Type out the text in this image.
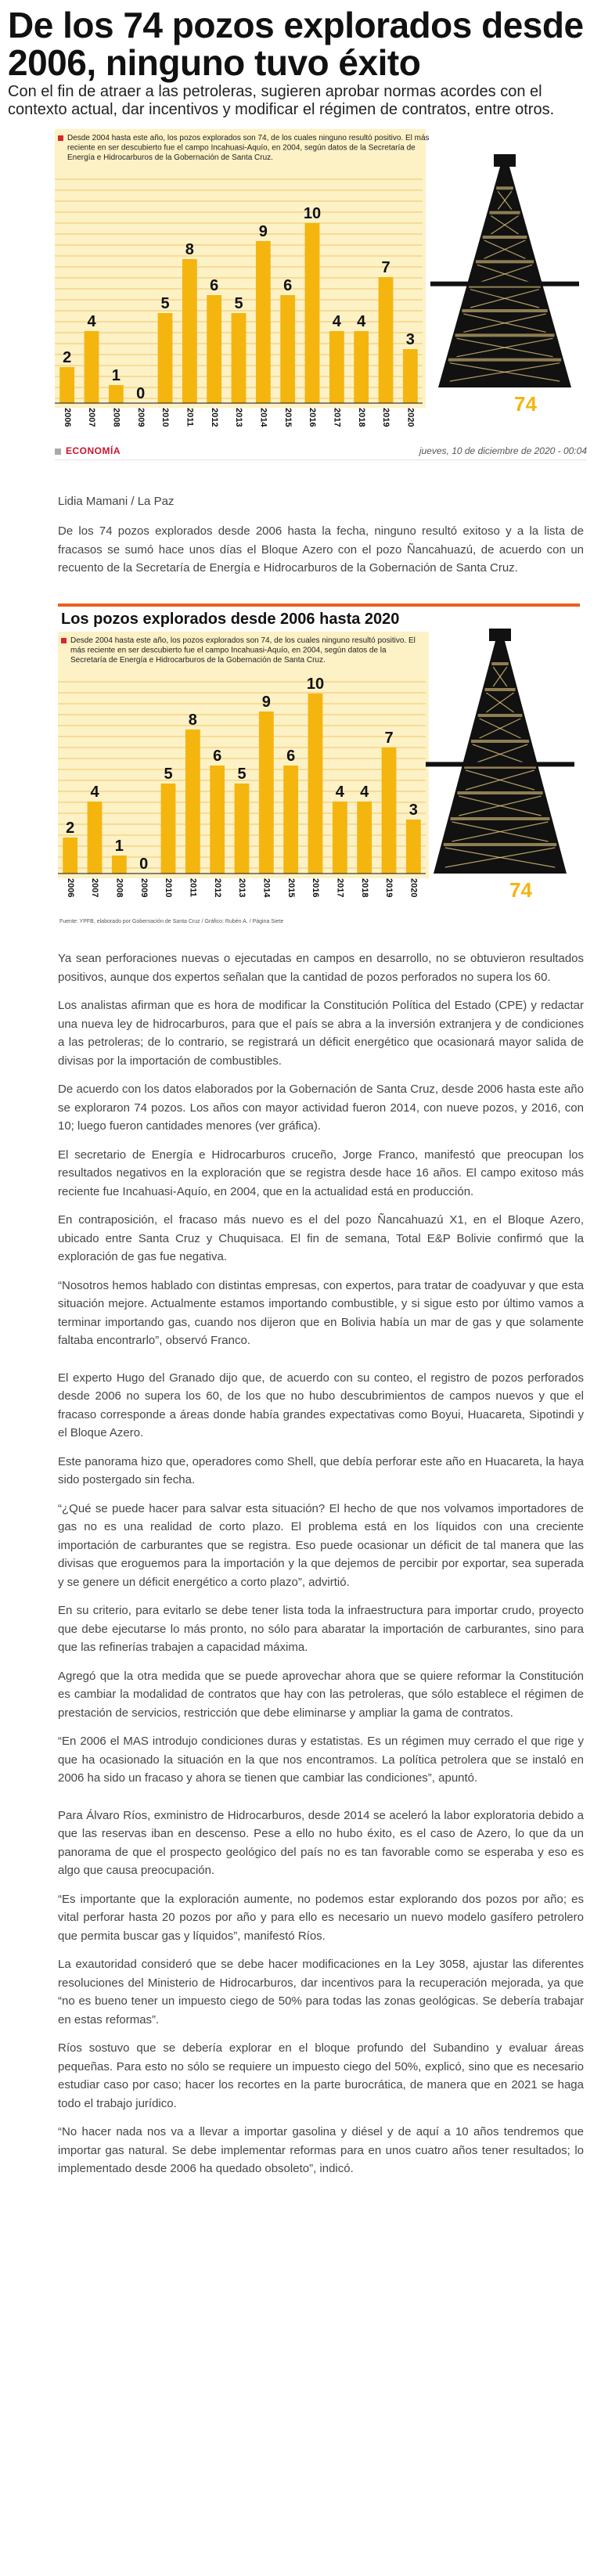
De los 74 pozos explorados desde 2006, ninguno tuvo éxito
Con el fin de atraer a las petroleras, sugieren aprobar normas acordes con el contexto actual, dar incentivos y modificar el régimen de contratos, entre otros.
Desde 2004 hasta este año, los pozos explorados son 74, de los cuales ninguno resultó positivo. El más
reciente en ser descubierto fue el campo Incahuasi-Aquío, en 2004, según datos de la Secretaría de
Energía e Hidrocarburos de la Gobernación de Santa Cruz.
2
2006
4
2007
1
2008
0
2009
5
2010
8
2011
6
2012
5
2013
9
2014
6
2015
10
2016
4
2017
4
2018
7
2019
3
2020
TOTAL 74
ECONOMÍA	jueves, 10 de diciembre de 2020 - 00:04
Lidia Mamani / La Paz
De los 74 pozos explorados desde 2006 hasta la fecha, ninguno resultó exitoso y a la lista de fracasos se sumó hace unos días el Bloque Azero con el pozo Ñancahuazú, de acuerdo con un recuento de la Secretaría de Energía e Hidrocarburos de la Gobernación de Santa Cruz.
Los pozos explorados desde 2006 hasta 2020
Desde 2004 hasta este año, los pozos explorados son 74, de los cuales ninguno resultó positivo. El
más reciente en ser descubierto fue el campo Incahuasi-Aquío, en 2004, según datos de la
Secretaría de Energía e Hidrocarburos de la Gobernación de Santa Cruz.
2
2006
4
2007
1
2008
0
2009
5
2010
8
2011
6
2012
5
2013
9
2014
6
2015
10
2016
4
2017
4
2018
7
2019
3
2020	TOTAL 74
Fuente: YPFB, elaborado por Gobernación de Santa Cruz / Gráfico: Rubén A. / Página Siete

Ya sean perforaciones nuevas o ejecutadas en campos en desarrollo, no se obtuvieron resultados positivos, aunque dos expertos señalan que la cantidad de pozos perforados no supera los 60.

Los analistas afirman que es hora de modificar la Constitución Política del Estado (CPE) y redactar una nueva ley de hidrocarburos, para que el país se abra a la inversión extranjera y de condiciones a las petroleras; de lo contrario, se registrará un déficit energético que ocasionará mayor salida de divisas por la importación de combustibles.

De acuerdo con los datos elaborados por la Gobernación de Santa Cruz, desde 2006 hasta este año se exploraron 74 pozos. Los años con mayor actividad fueron 2014, con nueve pozos, y 2016, con 10; luego fueron cantidades menores (ver gráfica).

El secretario de Energía e Hidrocarburos cruceño, Jorge Franco, manifestó que preocupan los resultados negativos en la exploración que se registra desde hace 16 años. El campo exitoso más reciente fue Incahuasi-Aquío, en 2004, que en la actualidad está en producción.

En contraposición, el fracaso más nuevo es el del pozo Ñancahuazú X1, en el Bloque Azero, ubicado entre Santa Cruz y Chuquisaca. El fin de semana, Total E&P Bolivie confirmó que la exploración de gas fue negativa.

“Nosotros hemos hablado con distintas empresas, con expertos, para tratar de coadyuvar y que esta situación mejore. Actualmente estamos importando combustible, y si sigue esto por último vamos a terminar importando gas, cuando nos dijeron que en Bolivia había un mar de gas y que solamente faltaba encontrarlo”, observó Franco.

El experto Hugo del Granado dijo que, de acuerdo con su conteo, el registro de pozos perforados desde 2006 no supera los 60, de los que no hubo descubrimientos de campos nuevos y que el fracaso corresponde a áreas donde había grandes expectativas como Boyui, Huacareta, Sipotindi y el Bloque Azero.

Este panorama hizo que, operadores como Shell, que debía perforar este año en Huacareta, la haya sido postergado sin fecha.

“¿Qué se puede hacer para salvar esta situación? El hecho de que nos volvamos importadores de gas no es una realidad de corto plazo. El problema está en los líquidos con una creciente importación de carburantes que se registra. Eso puede ocasionar un déficit de tal manera que las divisas que eroguemos para la importación y la que dejemos de percibir por exportar, sea superada y se genere un déficit energético a corto plazo”, advirtió.

En su criterio, para evitarlo se debe tener lista toda la infraestructura para importar crudo, proyecto que debe ejecutarse lo más pronto, no sólo para abaratar la importación de carburantes, sino para que las refinerías trabajen a capacidad máxima.

Agregó que la otra medida que se puede aprovechar ahora que se quiere reformar la Constitución es cambiar la modalidad de contratos que hay con las petroleras, que sólo establece el régimen de prestación de servicios, restricción que debe eliminarse y ampliar la gama de contratos.

“En 2006 el MAS introdujo condiciones duras y estatistas. Es un régimen muy cerrado el que rige y que ha ocasionado la situación en la que nos encontramos. La política petrolera que se instaló en 2006 ha sido un fracaso y ahora se tienen que cambiar las condiciones”, apuntó.

Para Álvaro Ríos, exministro de Hidrocarburos, desde 2014 se aceleró la labor exploratoria debido a que las reservas iban en descenso. Pese a ello no hubo éxito, es el caso de Azero, lo que da un panorama de que el prospecto geológico del país no es tan favorable como se esperaba y eso es algo que causa preocupación.

“Es importante que la exploración aumente, no podemos estar explorando dos pozos por año; es vital perforar hasta 20 pozos por año y para ello es necesario un nuevo modelo gasífero petrolero que permita buscar gas y líquidos”, manifestó Ríos.

La exautoridad consideró que se debe hacer modificaciones en la Ley 3058, ajustar las diferentes resoluciones del Ministerio de Hidrocarburos, dar incentivos para la recuperación mejorada, ya que “no es bueno tener un impuesto ciego de 50% para todas las zonas geológicas. Se debería trabajar en estas reformas”.

Ríos sostuvo que se debería explorar en el bloque profundo del Subandino y evaluar áreas pequeñas. Para esto no sólo se requiere un impuesto ciego del 50%, explicó, sino que es necesario estudiar caso por caso; hacer los recortes en la parte burocrática, de manera que en 2021 se haga todo el trabajo jurídico.

“No hacer nada nos va a llevar a importar gasolina y diésel y de aquí a 10 años tendremos que importar gas natural. Se debe implementar reformas para en unos cuatro años tener resultados; lo implementado desde 2006 ha quedado obsoleto”, indicó.
